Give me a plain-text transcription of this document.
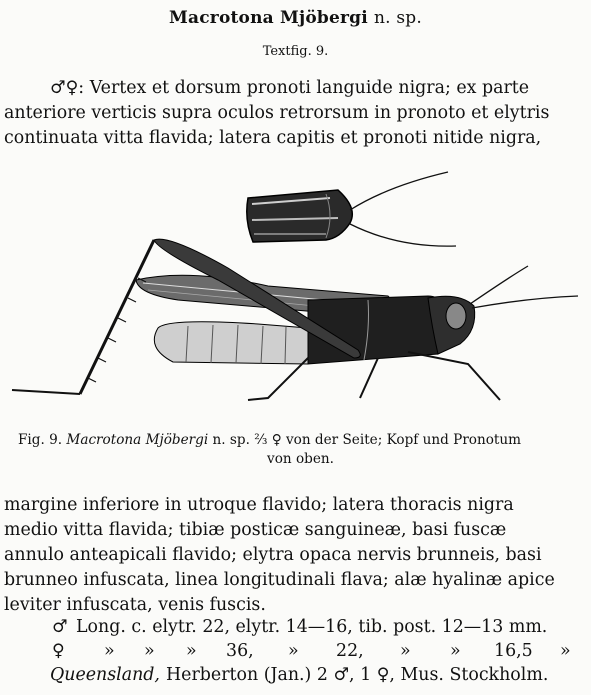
Macrotona Mjöbergi n. sp.
Textfig. 9.
♂♀: Vertex et dorsum pronoti languide nigra; ex parte
anteriore verticis supra oculos retrorsum in pronoto et elytris
continuata vitta flavida; latera capitis et pronoti nitide nigra,
Fig. 9. Macrotona Mjöbergi n. sp. ⅔ ♀ von der Seite; Kopf und Pronotum
von oben.
margine inferiore in utroque flavido; latera thoracis nigra
medio vitta flavida; tibiæ posticæ sanguineæ, basi fuscæ
annulo anteapicali flavido; elytra opaca nervis brunneis, basi
brunneo infuscata, linea longitudinali flava; alæ hyalinæ apice
leviter infuscata, venis fuscis.
♂ Long. c. elytr. 22, elytr. 14—16, tib. post. 12—13 mm.
♀ » » » 36, » 22, » » 16,5 »
Queensland, Herberton (Jan.) 2 ♂, 1 ♀, Mus. Stockholm.
